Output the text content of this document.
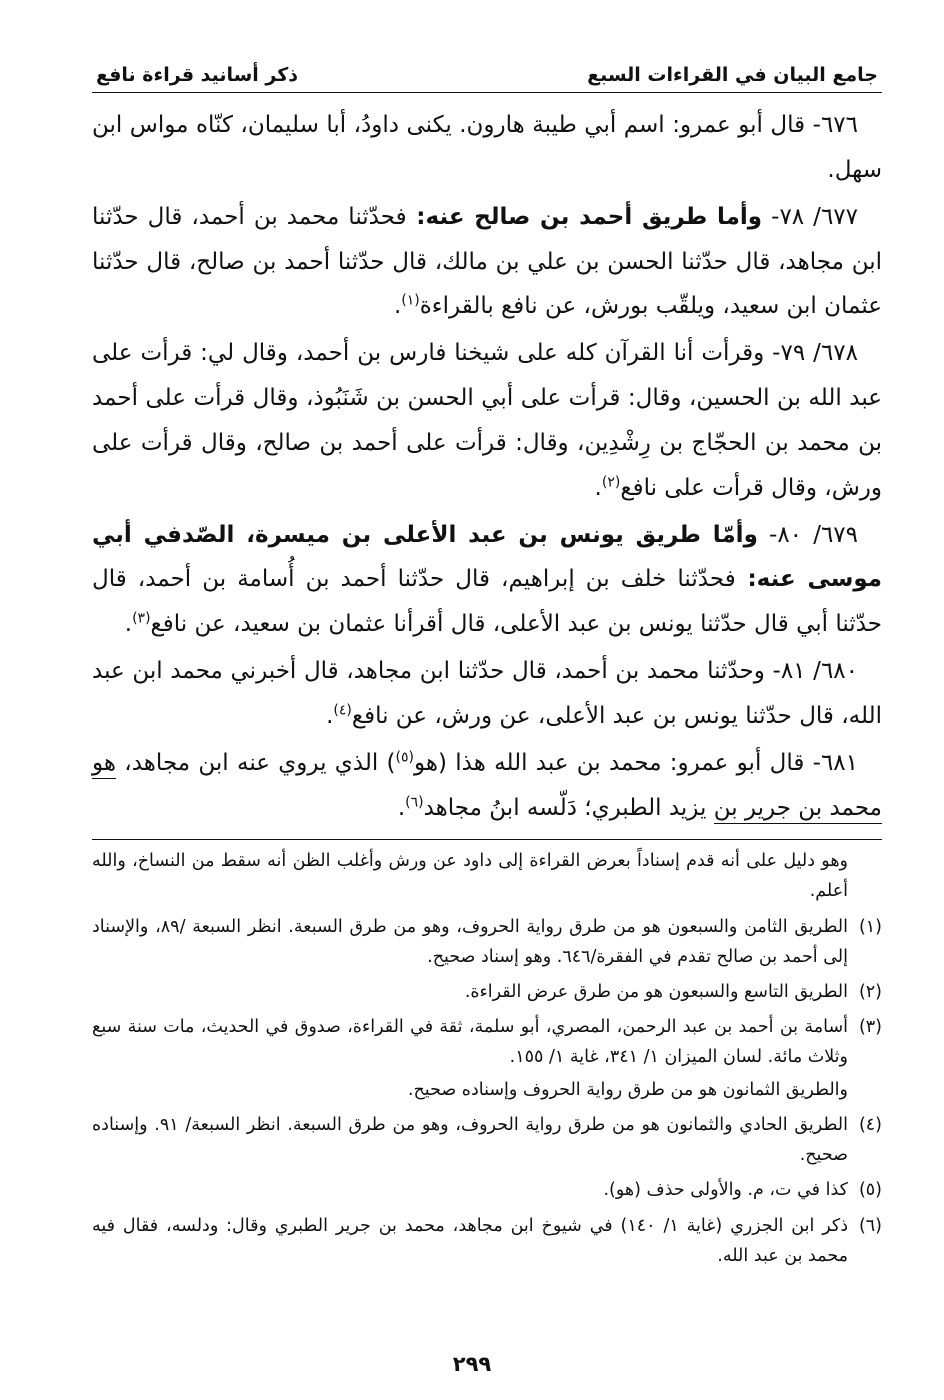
جامع البيان في القراءات السبع
ذكر أسانيد قراءة نافع

٦٧٦- قال أبو عمرو: اسم أبي طيبة هارون. يكنى داودُ، أبا سليمان، كنّاه مواس ابن سهل.

٦٧٧/ ٧٨- وأما طريق أحمد بن صالح عنه: فحدّثنا محمد بن أحمد، قال حدّثنا ابن مجاهد، قال حدّثنا الحسن بن علي بن مالك، قال حدّثنا أحمد بن صالح، قال حدّثنا عثمان ابن سعيد، ويلقّب بورش، عن نافع بالقراءة$^{(١)}$.

٦٧٨/ ٧٩- وقرأت أنا القرآن كله على شيخنا فارس بن أحمد، وقال لي: قرأت على عبد الله بن الحسين، وقال: قرأت على أبي الحسن بن شَنَبُوذ، وقال قرأت على أحمد بن محمد بن الحجّاج بن رِشْدِين، وقال: قرأت على أحمد بن صالح، وقال قرأت على ورش، وقال قرأت على نافع$^{(٢)}$.

٦٧٩/ ٨٠- وأمّا طريق يونس بن عبد الأعلى بن ميسرة، الصّدفي أبي موسى عنه: فحدّثنا خلف بن إبراهيم، قال حدّثنا أحمد بن أُسامة بن أحمد، قال حدّثنا أبي قال حدّثنا يونس بن عبد الأعلى، قال أقرأنا عثمان بن سعيد، عن نافع$^{(٣)}$.

٦٨٠/ ٨١- وحدّثنا محمد بن أحمد، قال حدّثنا ابن مجاهد، قال أخبرني محمد ابن عبد الله، قال حدّثنا يونس بن عبد الأعلى، عن ورش، عن نافع$^{(٤)}$.

٦٨١- قال أبو عمرو: محمد بن عبد الله هذا (هو$^{(٥)}$) الذي يروي عنه ابن مجاهد، هو محمد بن جرير بن يزيد الطبري؛ دَلّسه ابنُ مجاهد$^{(٦)}$.

وهو دليل على أنه قدم إسناداً بعرض القراءة إلى داود عن ورش وأغلب الظن أنه سقط من النساخ، والله أعلم.

(١)
الطريق الثامن والسبعون هو من طرق رواية الحروف، وهو من طرق السبعة. انظر السبعة /٨٩، والإسناد إلى أحمد بن صالح تقدم في الفقرة/٦٤٦. وهو إسناد صحيح.
(٢)
الطريق التاسع والسبعون هو من طرق عرض القراءة.
(٣)
أسامة بن أحمد بن عبد الرحمن، المصري، أبو سلمة، ثقة في القراءة، صدوق في الحديث، مات سنة سبع وثلاث مائة. لسان الميزان ١/ ٣٤١، غاية ١/ ١٥٥.

والطريق الثمانون هو من طرق رواية الحروف وإسناده صحيح.

(٤)
الطريق الحادي والثمانون هو من طرق رواية الحروف، وهو من طرق السبعة. انظر السبعة/ ٩١. وإسناده صحيح.
(٥)
كذا في ت، م. والأولى حذف (هو).
(٦)
ذكر ابن الجزري (غاية ١/ ١٤٠) في شيوخ ابن مجاهد، محمد بن جرير الطبري وقال: ودلسه، فقال فيه محمد بن عبد الله.
٢٩٩
